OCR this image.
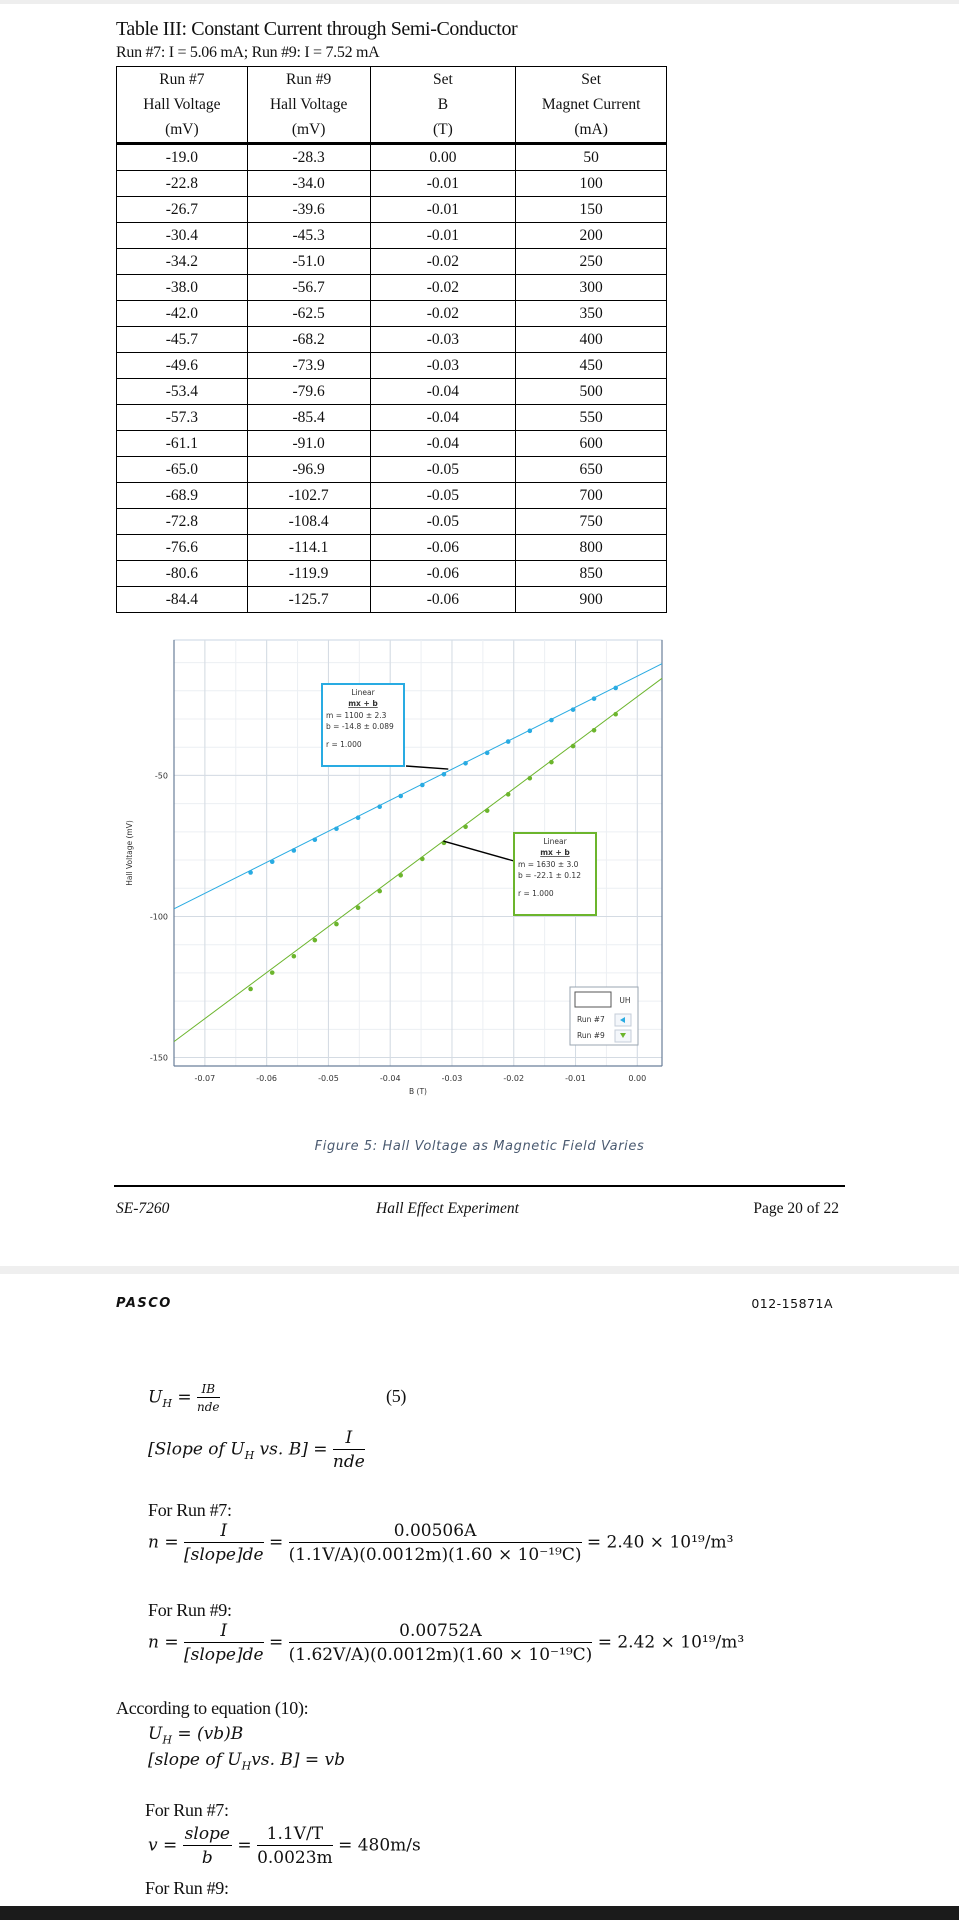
Table III: Constant Current through Semi-Conductor
Run #7: I = 5.06 mA; Run #9: I = 7.52 mA
Run #7	Run #9	Set	Set
Hall Voltage	Hall Voltage	B	Magnet Current
(mV)	(mV)	(T)	(mA)
-19.0	-28.3	0.00	50
-22.8	-34.0	-0.01	100
-26.7	-39.6	-0.01	150
-30.4	-45.3	-0.01	200
-34.2	-51.0	-0.02	250
-38.0	-56.7	-0.02	300
-42.0	-62.5	-0.02	350
-45.7	-68.2	-0.03	400
-49.6	-73.9	-0.03	450
-53.4	-79.6	-0.04	500
-57.3	-85.4	-0.04	550
-61.1	-91.0	-0.04	600
-65.0	-96.9	-0.05	650
-68.9	-102.7	-0.05	700
-72.8	-108.4	-0.05	750
-76.6	-114.1	-0.06	800
-80.6	-119.9	-0.06	850
-84.4	-125.7	-0.06	900
-0.07	-0.06	-0.05	-0.04	-0.03	-0.02	-0.01	0.00
-50
-100
-150
B (T)
Hall Voltage (mV)
Linear
mx + b
m = 1100 ± 2.3
b = -14.8 ± 0.089
r = 1.000
Linear
mx + b
m = 1630 ± 3.0
b = -22.1 ± 0.12
r = 1.000
UH
Run #7
Run #9
Figure 5: Hall Voltage as Magnetic Field Varies
SE-7260	Hall Effect Experiment	Page 20 of 22
PASCO	012-15871A
$U_H = \frac{IB}{\text{nde}}$	(5)
[Slope of $U_H$ vs. $B] = \frac{I}{\text{nde}}$
For Run #7:
$n = \frac{I}{\text{[slope]de}} = \frac{0.00506A}{\text{(1.1V/A)(0.0012m)(1.60 × 10⁻¹⁹C)}} = 2.40 \times 10^{19}/m^3$
For Run #9:
$n = \frac{I}{\text{[slope]de}} = \frac{0.00752A}{\text{(1.62V/A)(0.0012m)(1.60 × 10⁻¹⁹C)}} = 2.42 \times 10^{19}/m^3$
According to equation (10):
$U_H = (vb)B$
[slope of $U_Hvs$. B] = vb
For Run #7:
$v = \frac{\text{slope}}{b} = \frac{1.1V/T}{0.0023m} = 480m/s$
For Run #9:
